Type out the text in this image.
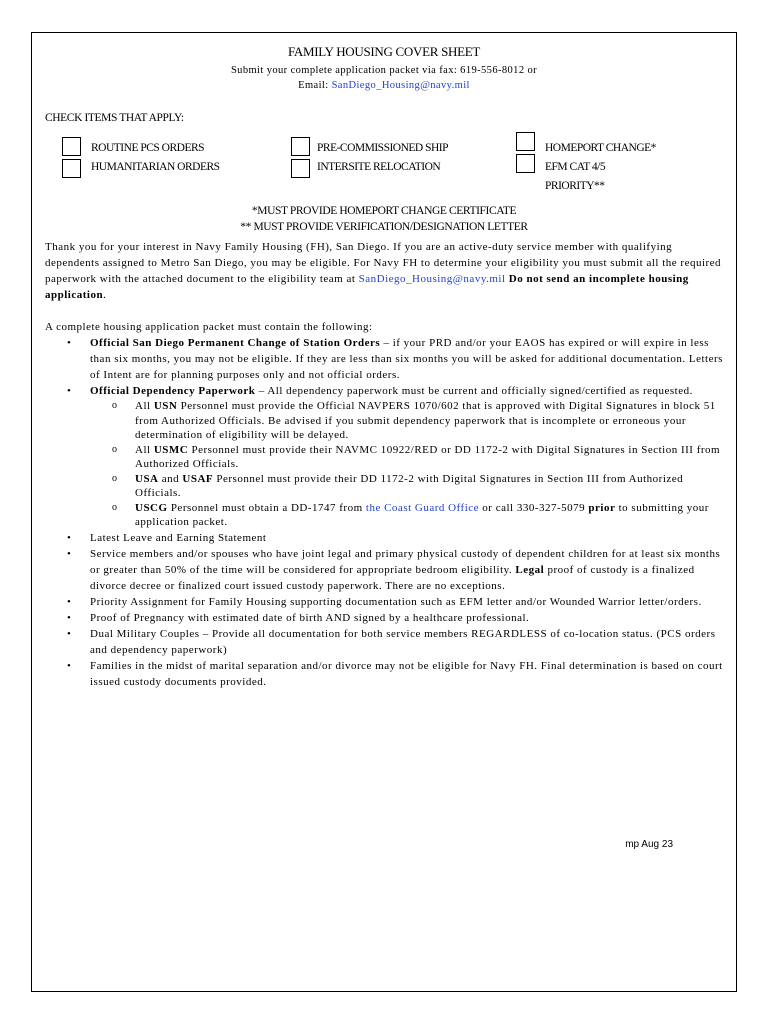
FAMILY HOUSING COVER SHEET
Submit your complete application packet via fax: 619-556-8012 or
Email: SanDiego_Housing@navy.mil
CHECK ITEMS THAT APPLY:
ROUTINE PCS ORDERS
HUMANITARIAN ORDERS
PRE-COMMISSIONED SHIP
INTERSITE RELOCATION
HOMEPORT CHANGE*
EFM CAT 4/5
PRIORITY**
*MUST PROVIDE HOMEPORT CHANGE CERTIFICATE
** MUST PROVIDE VERIFICATION/DESIGNATION LETTER

Thank you for your interest in Navy Family Housing (FH), San Diego. If you are an active-duty service member with qualifying dependents assigned to Metro San Diego, you may be eligible. For Navy FH to determine your eligibility you must submit all the required paperwork with the attached document to the eligibility team at SanDiego_Housing@navy.mil Do not send an incomplete housing application.

A complete housing application packet must contain the following:

• Official San Diego Permanent Change of Station Orders – if your PRD and/or your EAOS has expired or will expire in less than six months, you may not be eligible. If they are less than six months you will be asked for additional documentation. Letters of Intent are for planning purposes only and not official orders.
• Official Dependency Paperwork – All dependency paperwork must be current and officially signed/certified as requested.
o All USN Personnel must provide the Official NAVPERS 1070/602 that is approved with Digital Signatures in block 51 from Authorized Officials. Be advised if you submit dependency paperwork that is incomplete or erroneous your determination of eligibility will be delayed.
o All USMC Personnel must provide their NAVMC 10922/RED or DD 1172-2 with Digital Signatures in Section III from Authorized Officials.
o USA and USAF Personnel must provide their DD 1172-2 with Digital Signatures in Section III from Authorized Officials.
o USCG Personnel must obtain a DD-1747 from the Coast Guard Office or call 330-327-5079 prior to submitting your application packet.
• Latest Leave and Earning Statement
• Service members and/or spouses who have joint legal and primary physical custody of dependent children for at least six months or greater than 50% of the time will be considered for appropriate bedroom eligibility. Legal proof of custody is a finalized divorce decree or finalized court issued custody paperwork. There are no exceptions.
• Priority Assignment for Family Housing supporting documentation such as EFM letter and/or Wounded Warrior letter/orders.
• Proof of Pregnancy with estimated date of birth AND signed by a healthcare professional.
• Dual Military Couples – Provide all documentation for both service members REGARDLESS of co-location status. (PCS orders and dependency paperwork)
• Families in the midst of marital separation and/or divorce may not be eligible for Navy FH. Final determination is based on court issued custody documents provided.
mp Aug 23
